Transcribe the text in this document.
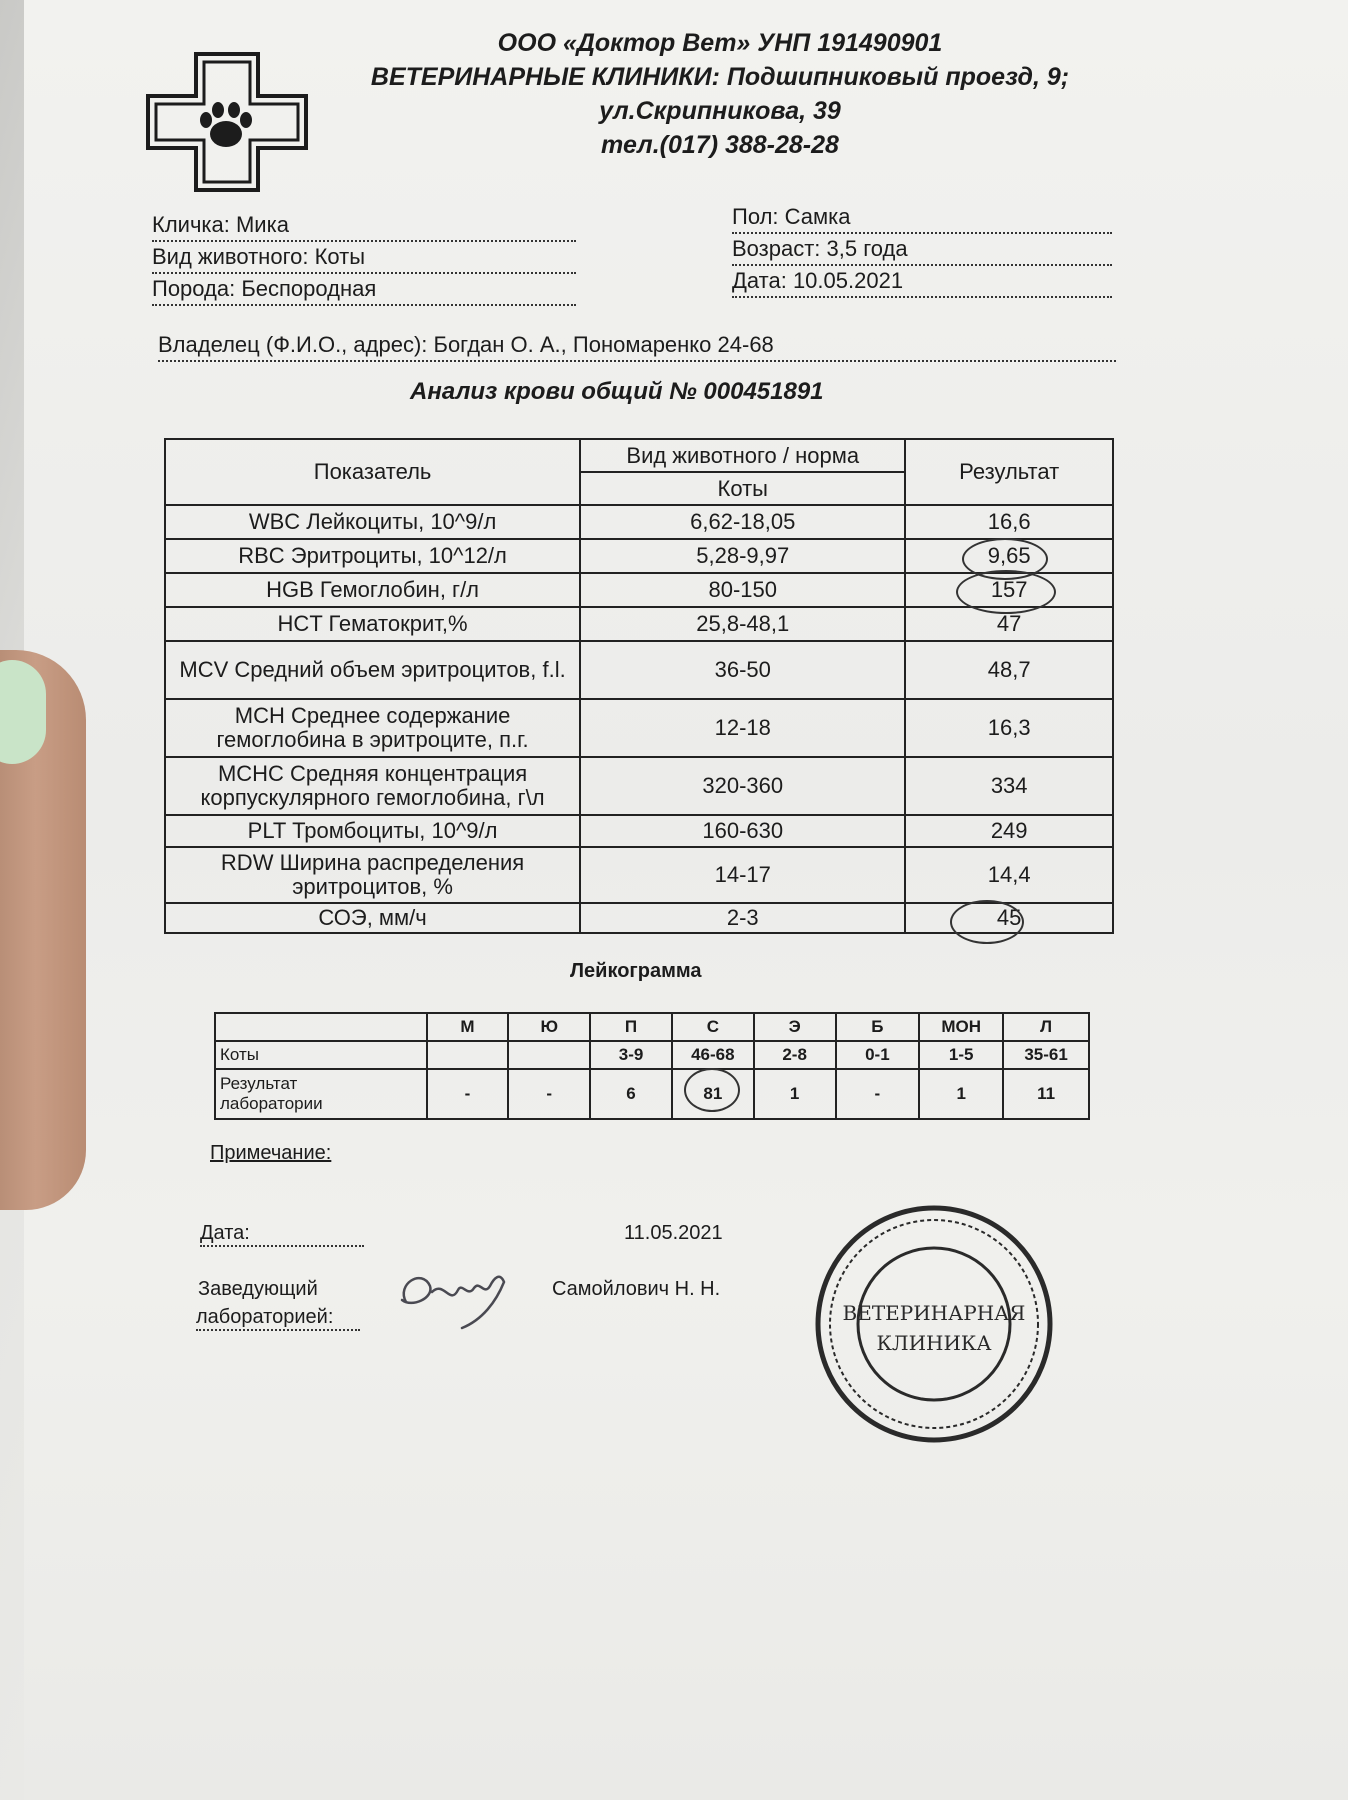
ООО «Доктор Вет» УНП 191490901
ВЕТЕРИНАРНЫЕ КЛИНИКИ: Подшипниковый проезд, 9;
ул.Скрипникова, 39
тел.(017) 388-28-28
Кличка: Мика
Вид животного: Коты
Порода: Беспородная
Пол: Самка
Возраст: 3,5 года
Дата: 10.05.2021
Владелец (Ф.И.О., адрес): Богдан О. А., Пономаренко 24-68
Анализ крови общий № 000451891
Показатель	Вид животного / норма	Результат
	Коты	
WBC Лейкоциты, 10^9/л	6,62-18,05	16,6
RBC Эритроциты, 10^12/л	5,28-9,97	9,65
HGB Гемоглобин, г/л	80-150	157
HCT Гематокрит,%	25,8-48,1	47
MCV Средний объем эритроцитов, f.l.	36-50	48,7
MCH Среднее содержание гемоглобина в эритроците, п.г.	12-18	16,3
MCHC Средняя концентрация корпускулярного гемоглобина, г\л	320-360	334
PLT Тромбоциты, 10^9/л	160-630	249
RDW Ширина распределения эритроцитов, %	14-17	14,4
СОЭ, мм/ч	2-3	45
Лейкограмма
	М	Ю	П	С	Э	Б	МОН	Л
Коты			3-9	46-68	2-8	0-1	1-5	35-61

Результат
лаборатории	-	-	6	81	1	-	1	11
Примечание:
Дата:	11.05.2021
Заведующий
лабораторией:
Самойлович Н. Н.
ВЕТЕРИНАРНАЯ
КЛИНИКА
